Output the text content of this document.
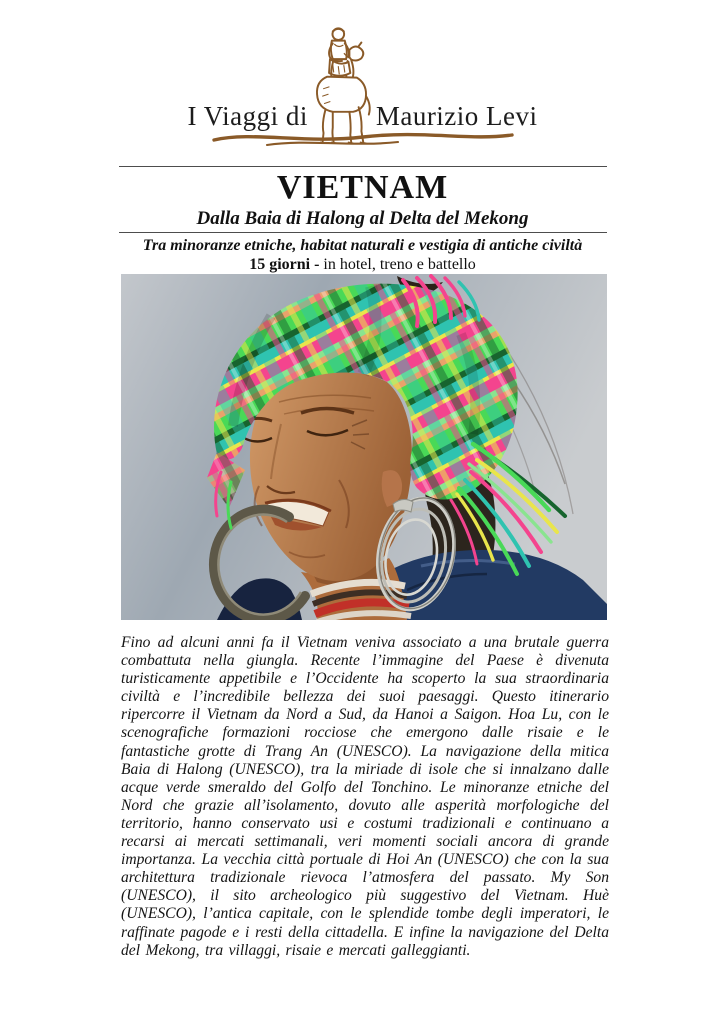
I Viaggi di	Maurizio Levi
VIETNAM
Dalla Baia di Halong al Delta del Mekong
Tra minoranze etniche, habitat naturali e vestigia di antiche civiltà
15 giorni - in hotel, treno e battello

Fino ad alcuni anni fa il Vietnam veniva associato a una brutale guerra combattuta nella giungla. Recente l’immagine del Paese è divenuta turisticamente appetibile e l’Occidente ha scoperto la sua straordinaria civiltà e l’incredibile bellezza dei suoi paesaggi. Questo itinerario ripercorre il Vietnam da Nord a Sud, da Hanoi a Saigon. Hoa Lu, con le scenografiche formazioni rocciose che emergono dalle risaie e le fantastiche grotte di Trang An (UNESCO). La navigazione della mitica Baia di Halong (UNESCO), tra la miriade di isole che si innalzano dalle acque verde smeraldo del Golfo del Tonchino. Le minoranze etniche del Nord che grazie all’isolamento, dovuto alle asperità morfologiche del territorio, hanno conservato usi e costumi tradizionali e continuano a recarsi ai mercati settimanali, veri momenti sociali ancora di grande importanza. La vecchia città portuale di Hoi An (UNESCO) che con la sua architettura tradizionale rievoca l’atmosfera del passato. My Son (UNESCO), il sito archeologico più suggestivo del Vietnam. Huè (UNESCO), l’antica capitale, con le splendide tombe degli imperatori, le raffinate pagode e i resti della cittadella. E infine la navigazione del Delta del Mekong, tra villaggi, risaie e mercati galleggianti.
